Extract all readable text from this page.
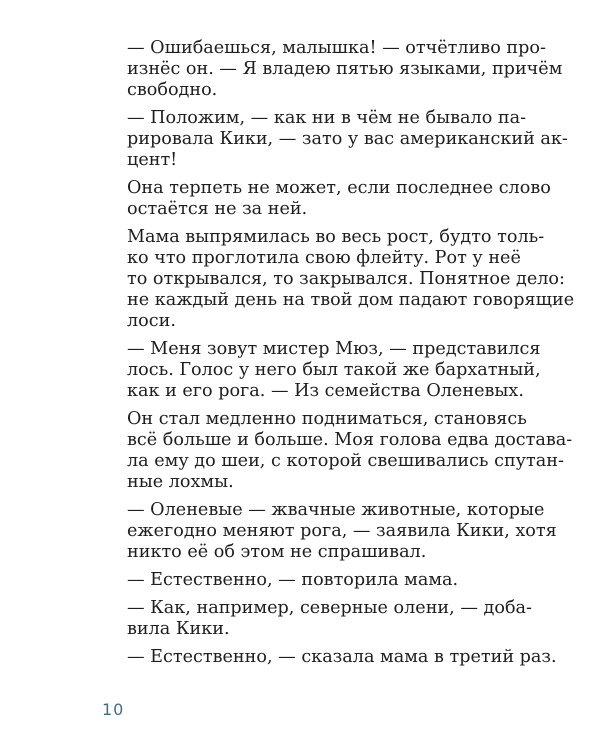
— Ошибаешься, малышка! — отчётливо про-
изнёс он. — Я владею пятью языками, причём
свободно.

— Положим, — как ни в чём не бывало па-
рировала Кики, — зато у вас американский ак-
цент!

Она терпеть не может, если последнее слово
остаётся не за ней.

Мама выпрямилась во весь рост, будто толь-
ко что проглотила свою флейту. Рот у неё
то открывался, то закрывался. Понятное дело:
не каждый день на твой дом падают говорящие
лоси.

— Меня зовут мистер Мюз, — представился
лось. Голос у него был такой же бархатный,
как и его рога. — Из семейства Оленевых.

Он стал медленно подниматься, становясь
всё больше и больше. Моя голова едва достава-
ла ему до шеи, с которой свешивались спутан-
ные лохмы.

— Оленевые — жвачные животные, которые
ежегодно меняют рога, — заявила Кики, хотя
никто её об этом не спрашивал.

— Естественно, — повторила мама.

— Как, например, северные олени, — доба-
вила Кики.

— Естественно, — сказала мама в третий раз.

10
